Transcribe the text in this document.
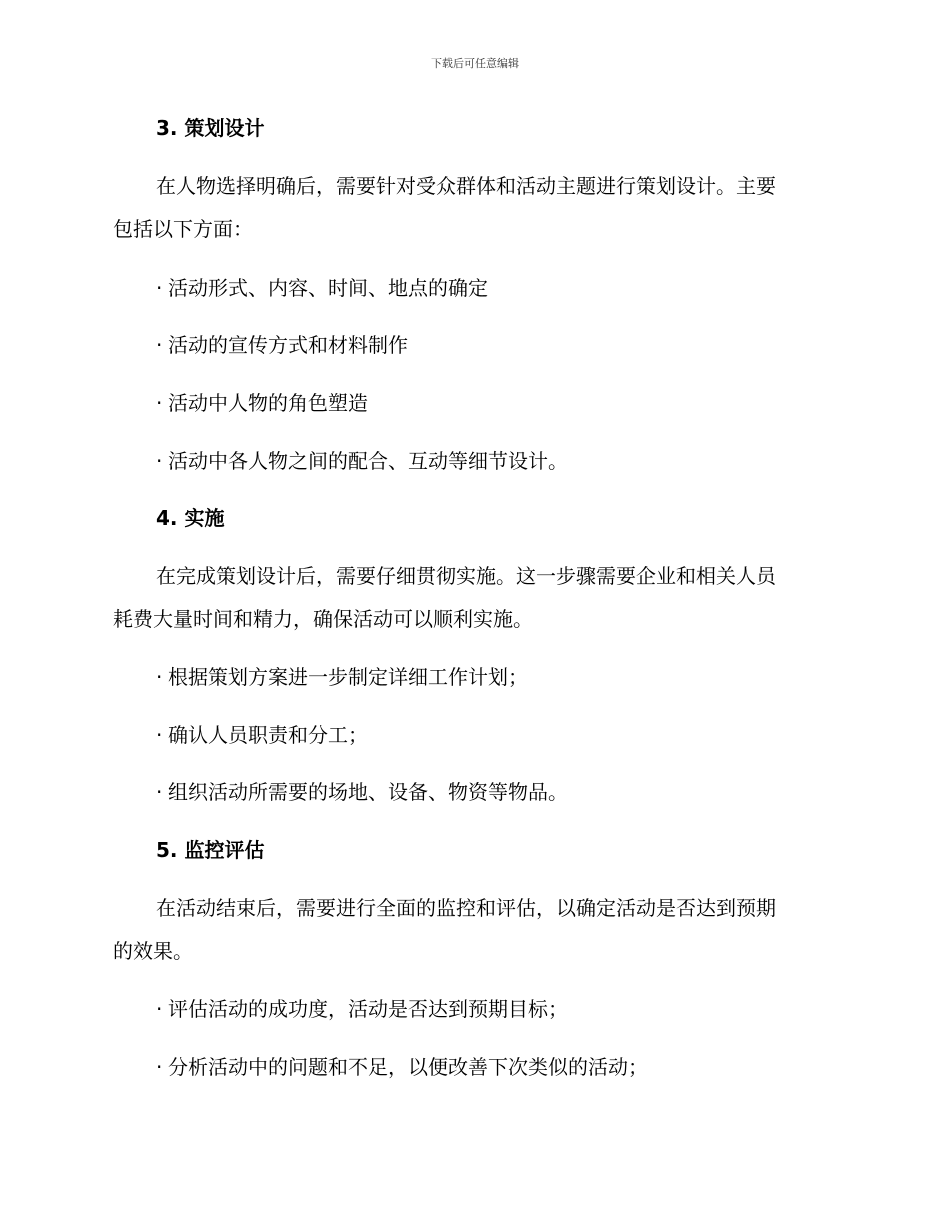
下载后可任意编辑
3. 策划设计
在人物选择明确后，需要针对受众群体和活动主题进行策划设计。主要
包括以下方面：
· 活动形式、内容、时间、地点的确定
· 活动的宣传方式和材料制作
· 活动中人物的角色塑造
· 活动中各人物之间的配合、互动等细节设计。
4. 实施
在完成策划设计后，需要仔细贯彻实施。这一步骤需要企业和相关人员
耗费大量时间和精力，确保活动可以顺利实施。
· 根据策划方案进一步制定详细工作计划；
· 确认人员职责和分工；
· 组织活动所需要的场地、设备、物资等物品。
5. 监控评估
在活动结束后，需要进行全面的监控和评估，以确定活动是否达到预期
的效果。
· 评估活动的成功度，活动是否达到预期目标；
· 分析活动中的问题和不足，以便改善下次类似的活动；
